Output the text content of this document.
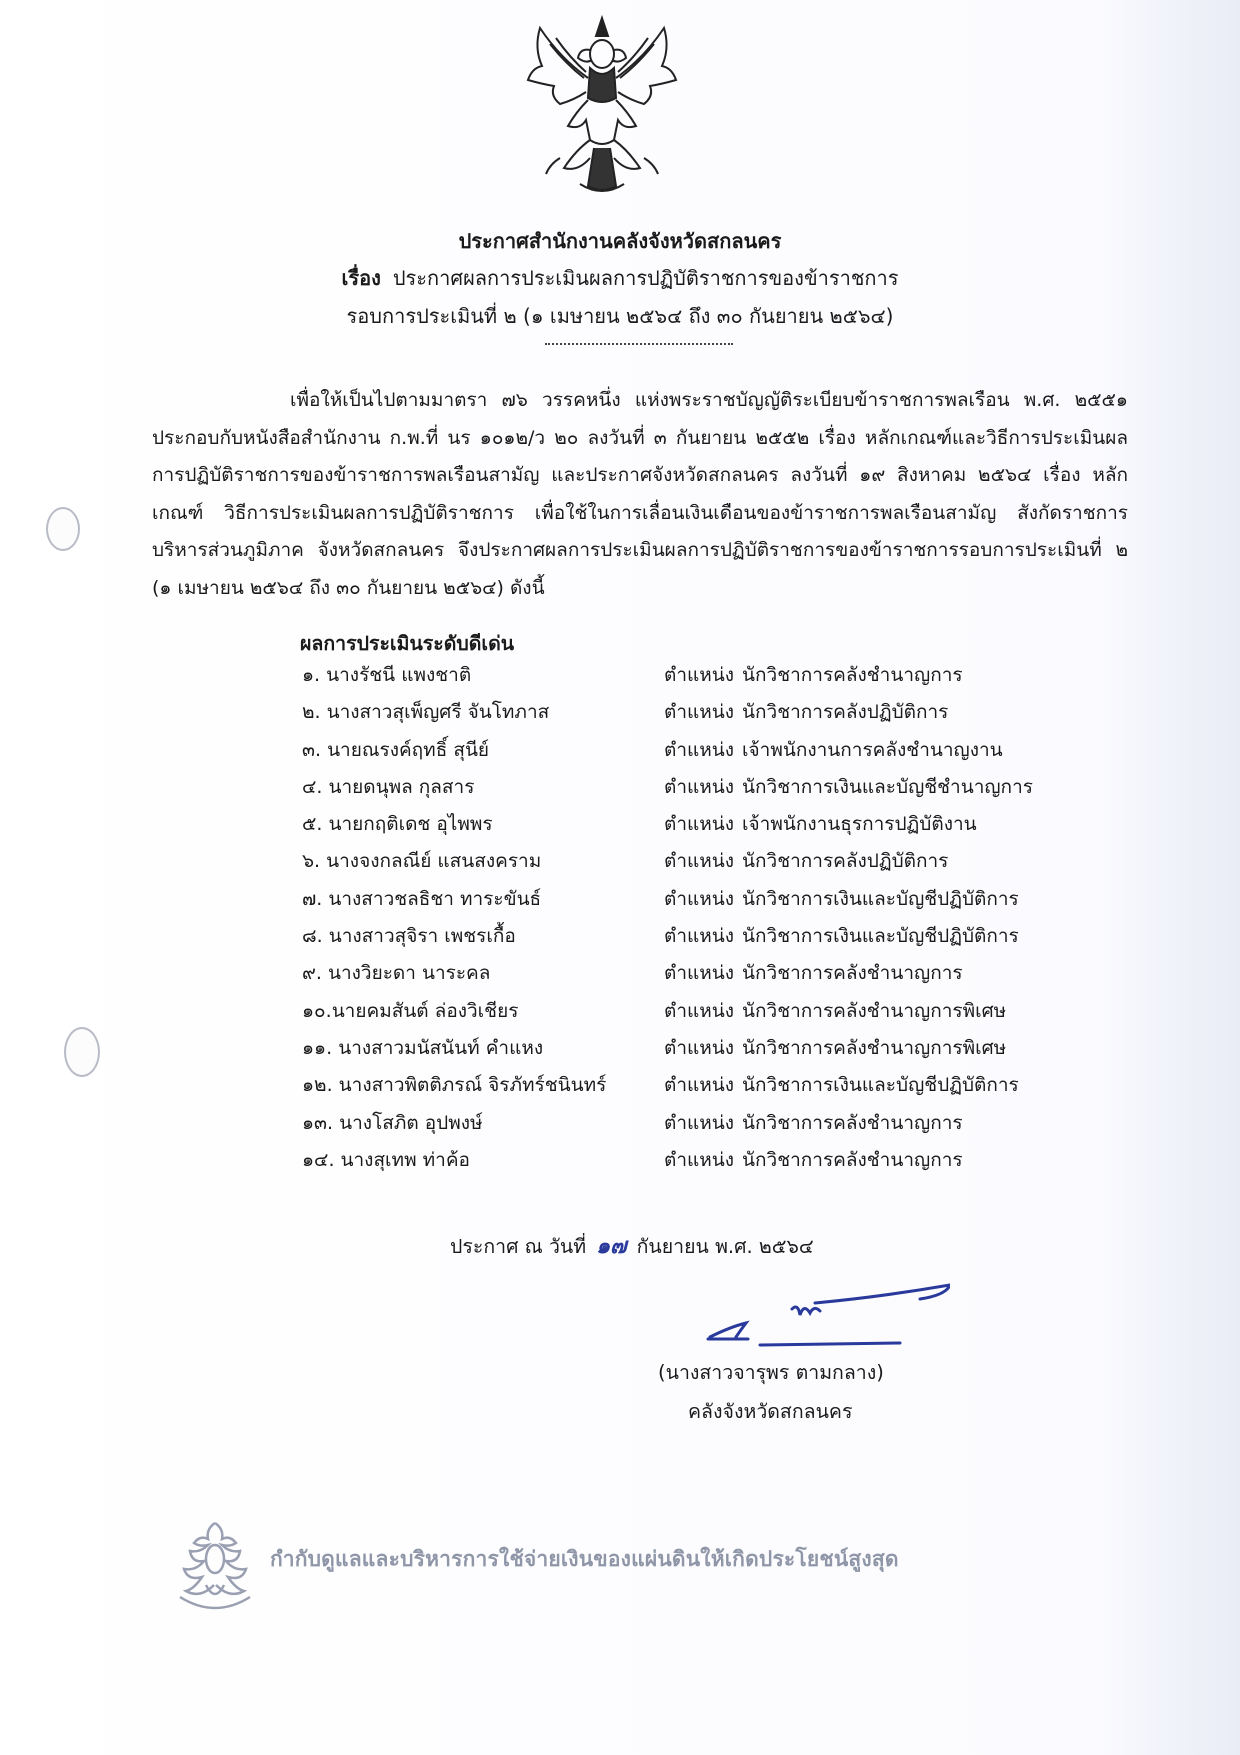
ประกาศสำนักงานคลังจังหวัดสกลนคร
เรื่อง ประกาศผลการประเมินผลการปฏิบัติราชการของข้าราชการ
รอบการประเมินที่ ๒ (๑ เมษายน ๒๕๖๔ ถึง ๓๐ กันยายน ๒๕๖๔)
เพื่อให้เป็นไปตามมาตรา ๗๖ วรรคหนึ่ง แห่งพระราชบัญญัติระเบียบข้าราชการพลเรือน พ.ศ. ๒๕๕๑ ประกอบกับหนังสือสำนักงาน ก.พ.ที่ นร ๑๐๑๒/ว ๒๐ ลงวันที่ ๓ กันยายน ๒๕๕๒ เรื่อง หลักเกณฑ์และวิธีการประเมินผลการปฏิบัติราชการของข้าราชการพลเรือนสามัญ และประกาศจังหวัดสกลนคร ลงวันที่ ๑๙ สิงหาคม ๒๕๖๔ เรื่อง หลักเกณฑ์ วิธีการประเมินผลการปฏิบัติราชการ เพื่อใช้ในการเลื่อนเงินเดือนของข้าราชการพลเรือนสามัญ สังกัดราชการบริหารส่วนภูมิภาค จังหวัดสกลนคร จึงประกาศผลการประเมินผลการปฏิบัติราชการของข้าราชการรอบการประเมินที่ ๒ (๑ เมษายน ๒๕๖๔ ถึง ๓๐ กันยายน ๒๕๖๔) ดังนี้
ผลการประเมินระดับดีเด่น
๑. นางรัชนี แพงชาติ	ตำแหน่ง นักวิชาการคลังชำนาญการ
๒. นางสาวสุเพ็ญศรี จันโทภาส	ตำแหน่ง นักวิชาการคลังปฏิบัติการ
๓. นายณรงค์ฤทธิ์ สุนีย์	ตำแหน่ง เจ้าพนักงานการคลังชำนาญงาน
๔. นายดนุพล กุลสาร	ตำแหน่ง นักวิชาการเงินและบัญชีชำนาญการ
๕. นายกฤติเดช อุไพพร	ตำแหน่ง เจ้าพนักงานธุรการปฏิบัติงาน
๖. นางจงกลณีย์ แสนสงคราม	ตำแหน่ง นักวิชาการคลังปฏิบัติการ
๗. นางสาวชลธิชา ทาระขันธ์	ตำแหน่ง นักวิชาการเงินและบัญชีปฏิบัติการ
๘. นางสาวสุจิรา เพชรเกื้อ	ตำแหน่ง นักวิชาการเงินและบัญชีปฏิบัติการ
๙. นางวิยะดา นาระคล	ตำแหน่ง นักวิชาการคลังชำนาญการ
๑๐.นายคมสันต์ ล่องวิเชียร	ตำแหน่ง นักวิชาการคลังชำนาญการพิเศษ
๑๑. นางสาวมนัสนันท์ คำแหง	ตำแหน่ง นักวิชาการคลังชำนาญการพิเศษ
๑๒. นางสาวพิตติภรณ์ จิรภัทร์ชนินทร์	ตำแหน่ง นักวิชาการเงินและบัญชีปฏิบัติการ
๑๓. นางโสภิต อุปพงษ์	ตำแหน่ง นักวิชาการคลังชำนาญการ
๑๔. นางสุเทพ ท่าค้อ	ตำแหน่ง นักวิชาการคลังชำนาญการ
ประกาศ ณ วันที่ ๑๗ กันยายน พ.ศ. ๒๕๖๔
(นางสาวจารุพร ตามกลาง)
คลังจังหวัดสกลนคร
กำกับดูแลและบริหารการใช้จ่ายเงินของแผ่นดินให้เกิดประโยชน์สูงสุด
